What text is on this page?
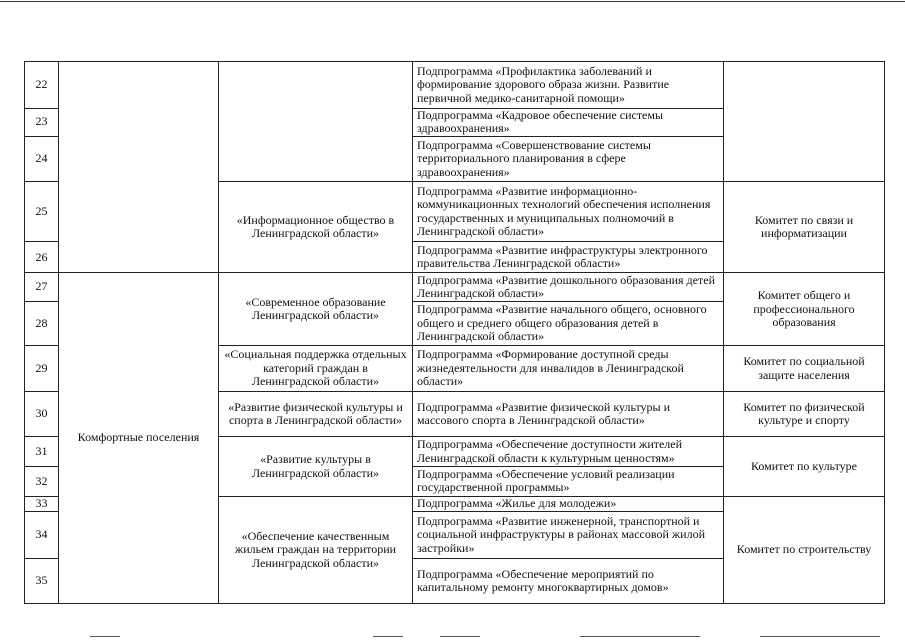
22			Подпрограмма «Профилактика заболеваний и формирование здорового образа жизни. Развитие первичной медико-санитарной помощи»	
23			Подпрограмма «Кадровое обеспечение системы здравоохранения»	
24			Подпрограмма «Совершенствование системы территориального планирования в сфере здравоохранения»	
25		«Информационное общество в Ленинградской области»	Подпрограмма «Развитие информационно-коммуникационных технологий обеспечения исполнения государственных и муниципальных полномочий в Ленинградской области»	Комитет по связи и информатизации
26			Подпрограмма «Развитие инфраструктуры электронного правительства Ленинградской области»	
27	Комфортные поселения	«Современное образование Ленинградской области»	Подпрограмма «Развитие дошкольного образования детей Ленинградской области»	Комитет общего и профессионального образования
28			Подпрограмма «Развитие начального общего, основного общего и среднего общего образования детей в Ленинградской области»	
29		«Социальная поддержка отдельных категорий граждан в Ленинградской области»	Подпрограмма «Формирование доступной среды жизнедеятельности для инвалидов в Ленинградской области»	Комитет по социальной защите населения
30		«Развитие физической культуры и спорта в Ленинградской области»	Подпрограмма «Развитие физической культуры и массового спорта в Ленинградской области»	Комитет по физической культуре и спорту
31		«Развитие культуры в Ленинградской области»	Подпрограмма «Обеспечение доступности жителей Ленинградской области к культурным ценностям»	Комитет по культуре
32			Подпрограмма «Обеспечение условий реализации государственной программы»	
33		«Обеспечение качественным жильем граждан на территории Ленинградской области»	Подпрограмма «Жилье для молодежи»	Комитет по строительству
34			Подпрограмма «Развитие инженерной, транспортной и социальной инфраструктуры в районах массовой жилой застройки»	
35			Подпрограмма «Обеспечение мероприятий по капитальному ремонту многоквартирных домов»	
